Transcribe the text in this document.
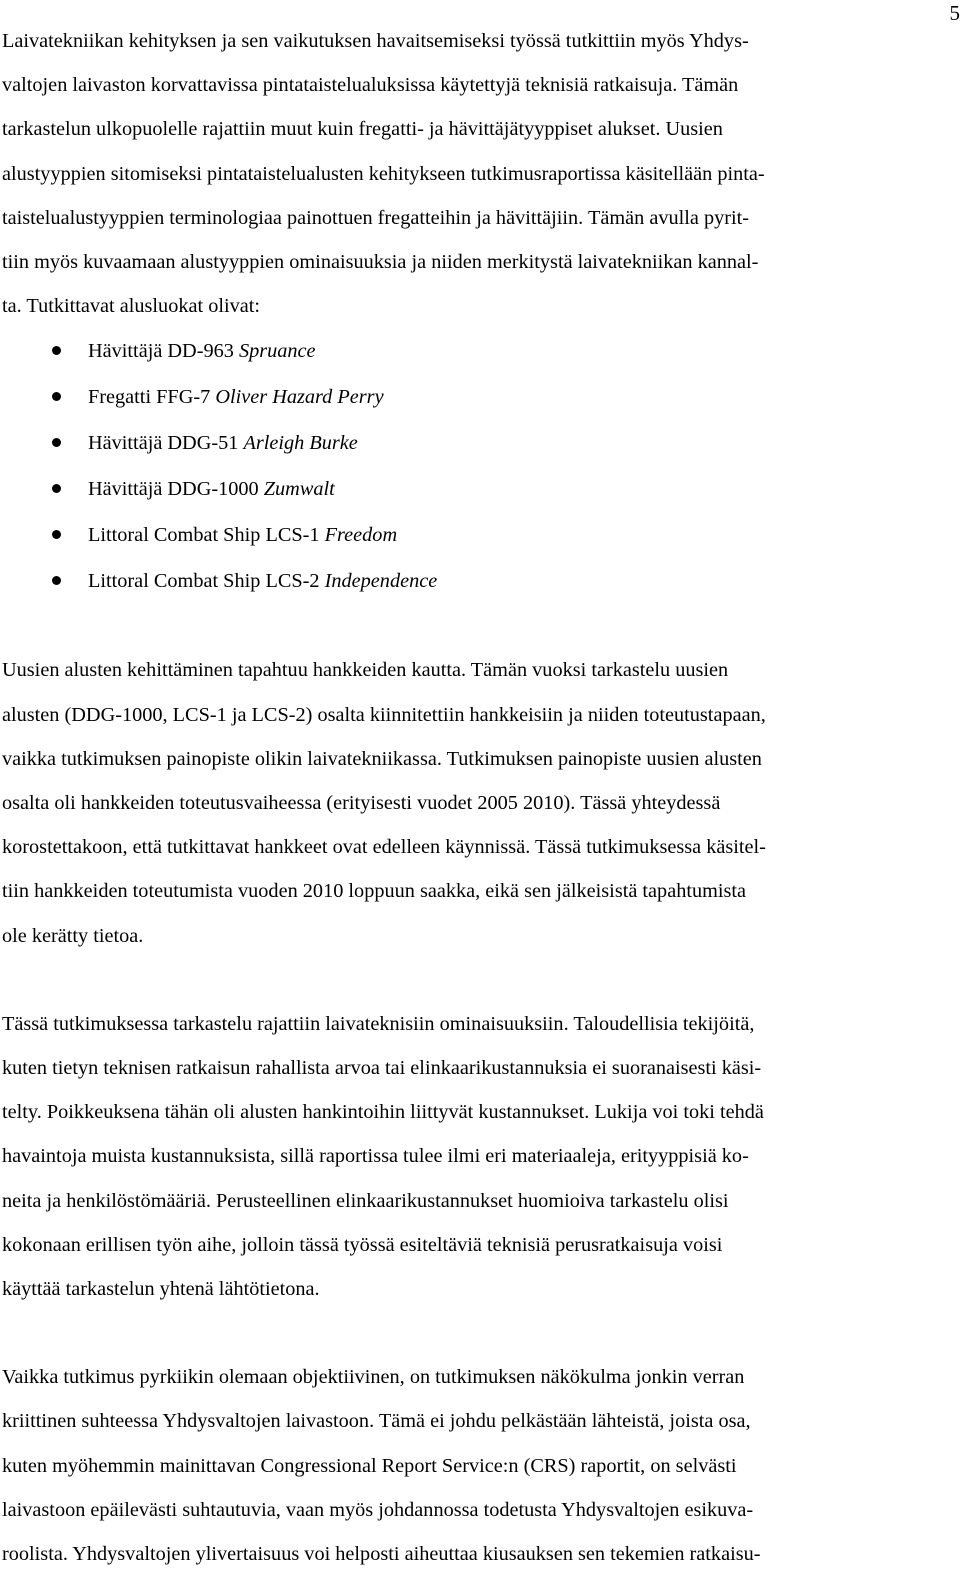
5

Laivatekniikan kehityksen ja sen vaikutuksen havaitsemiseksi työssä tutkittiin myös Yhdys-
valtojen laivaston korvattavissa pintataistelualuksissa käytettyjä teknisiä ratkaisuja. Tämän
tarkastelun ulkopuolelle rajattiin muut kuin fregatti- ja hävittäjätyyppiset alukset. Uusien
alustyyppien sitomiseksi pintataistelualusten kehitykseen tutkimusraportissa käsitellään pinta-
taistelualustyyppien terminologiaa painottuen fregatteihin ja hävittäjiin. Tämän avulla pyrit-
tiin myös kuvaamaan alustyyppien ominaisuuksia ja niiden merkitystä laivatekniikan kannal-
ta. Tutkittavat alusluokat olivat:

Hävittäjä DD-963 Spruance
Fregatti FFG-7 Oliver Hazard Perry
Hävittäjä DDG-51 Arleigh Burke
Hävittäjä DDG-1000 Zumwalt
Littoral Combat Ship LCS-1 Freedom
Littoral Combat Ship LCS-2 Independence

Uusien alusten kehittäminen tapahtuu hankkeiden kautta. Tämän vuoksi tarkastelu uusien
alusten (DDG-1000, LCS-1 ja LCS-2) osalta kiinnitettiin hankkeisiin ja niiden toteutustapaan,
vaikka tutkimuksen painopiste olikin laivatekniikassa. Tutkimuksen painopiste uusien alusten
osalta oli hankkeiden toteutusvaiheessa (erityisesti vuodet 2005 2010). Tässä yhteydessä
korostettakoon, että tutkittavat hankkeet ovat edelleen käynnissä. Tässä tutkimuksessa käsitel-
tiin hankkeiden toteutumista vuoden 2010 loppuun saakka, eikä sen jälkeisistä tapahtumista
ole kerätty tietoa.

Tässä tutkimuksessa tarkastelu rajattiin laivateknisiin ominaisuuksiin. Taloudellisia tekijöitä,
kuten tietyn teknisen ratkaisun rahallista arvoa tai elinkaarikustannuksia ei suoranaisesti käsi-
telty. Poikkeuksena tähän oli alusten hankintoihin liittyvät kustannukset. Lukija voi toki tehdä
havaintoja muista kustannuksista, sillä raportissa tulee ilmi eri materiaaleja, erityyppisiä ko-
neita ja henkilöstömääriä. Perusteellinen elinkaarikustannukset huomioiva tarkastelu olisi
kokonaan erillisen työn aihe, jolloin tässä työssä esiteltäviä teknisiä perusratkaisuja voisi
käyttää tarkastelun yhtenä lähtötietona.

Vaikka tutkimus pyrkiikin olemaan objektiivinen, on tutkimuksen näkökulma jonkin verran
kriittinen suhteessa Yhdysvaltojen laivastoon. Tämä ei johdu pelkästään lähteistä, joista osa,
kuten myöhemmin mainittavan Congressional Report Service:n (CRS) raportit, on selvästi
laivastoon epäilevästi suhtautuvia, vaan myös johdannossa todetusta Yhdysvaltojen esikuva-
roolista. Yhdysvaltojen ylivertaisuus voi helposti aiheuttaa kiusauksen sen tekemien ratkaisu-
